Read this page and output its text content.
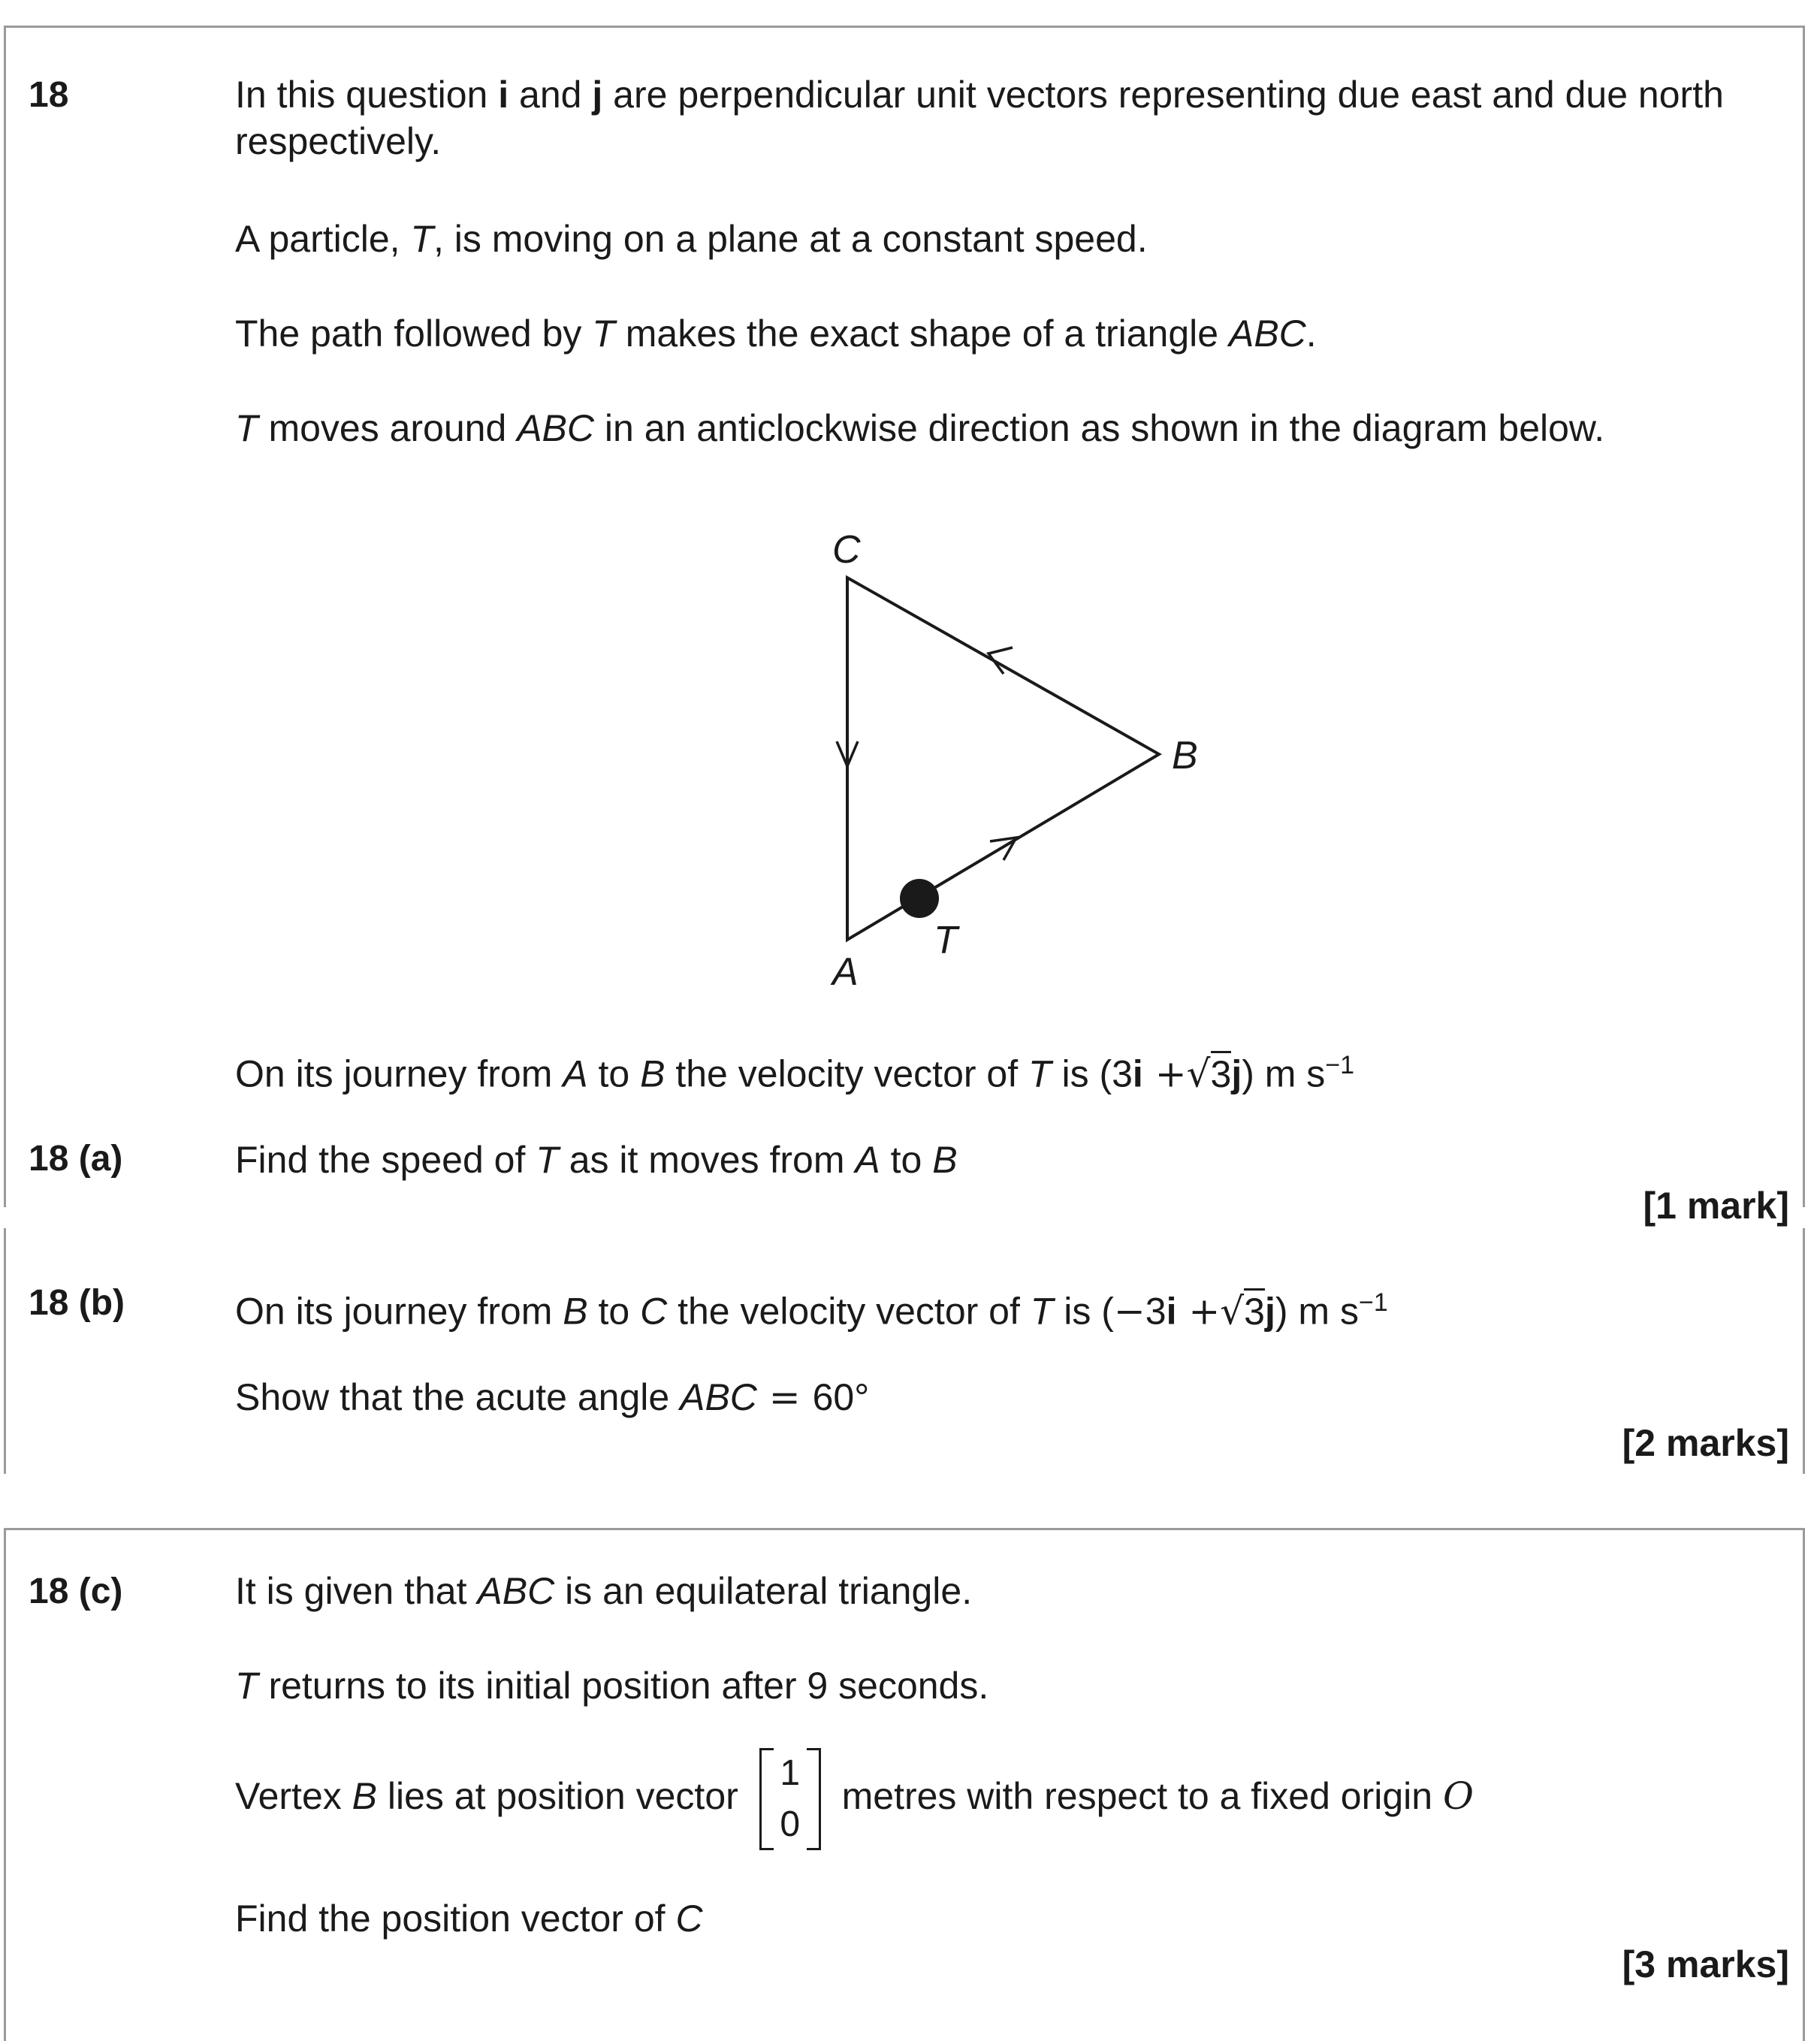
18	In this question i and j are perpendicular unit vectors representing due east and due north respectively.
A particle, T, is moving on a plane at a constant speed.
The path followed by T makes the exact shape of a triangle ABC.
T moves around ABC in an anticlockwise direction as shown in the diagram below.
C
B
A
T
On its journey from A to B the velocity vector of T is (3i +√3j) m $s^{-1}$
18 (a)	Find the speed of T as it moves from A to B
[1 mark]
18 (b)	On its journey from B to C the velocity vector of T is (−3i +√3j) m $s^{-1}$
Show that the acute angle ABC = 60°
[2 marks]
18 (c)	It is given that ABC is an equilateral triangle.
T returns to its initial position after 9 seconds.
Vertex B lies at position vector
1
0
metres with respect to a fixed origin O
Find the position vector of C
[3 marks]
